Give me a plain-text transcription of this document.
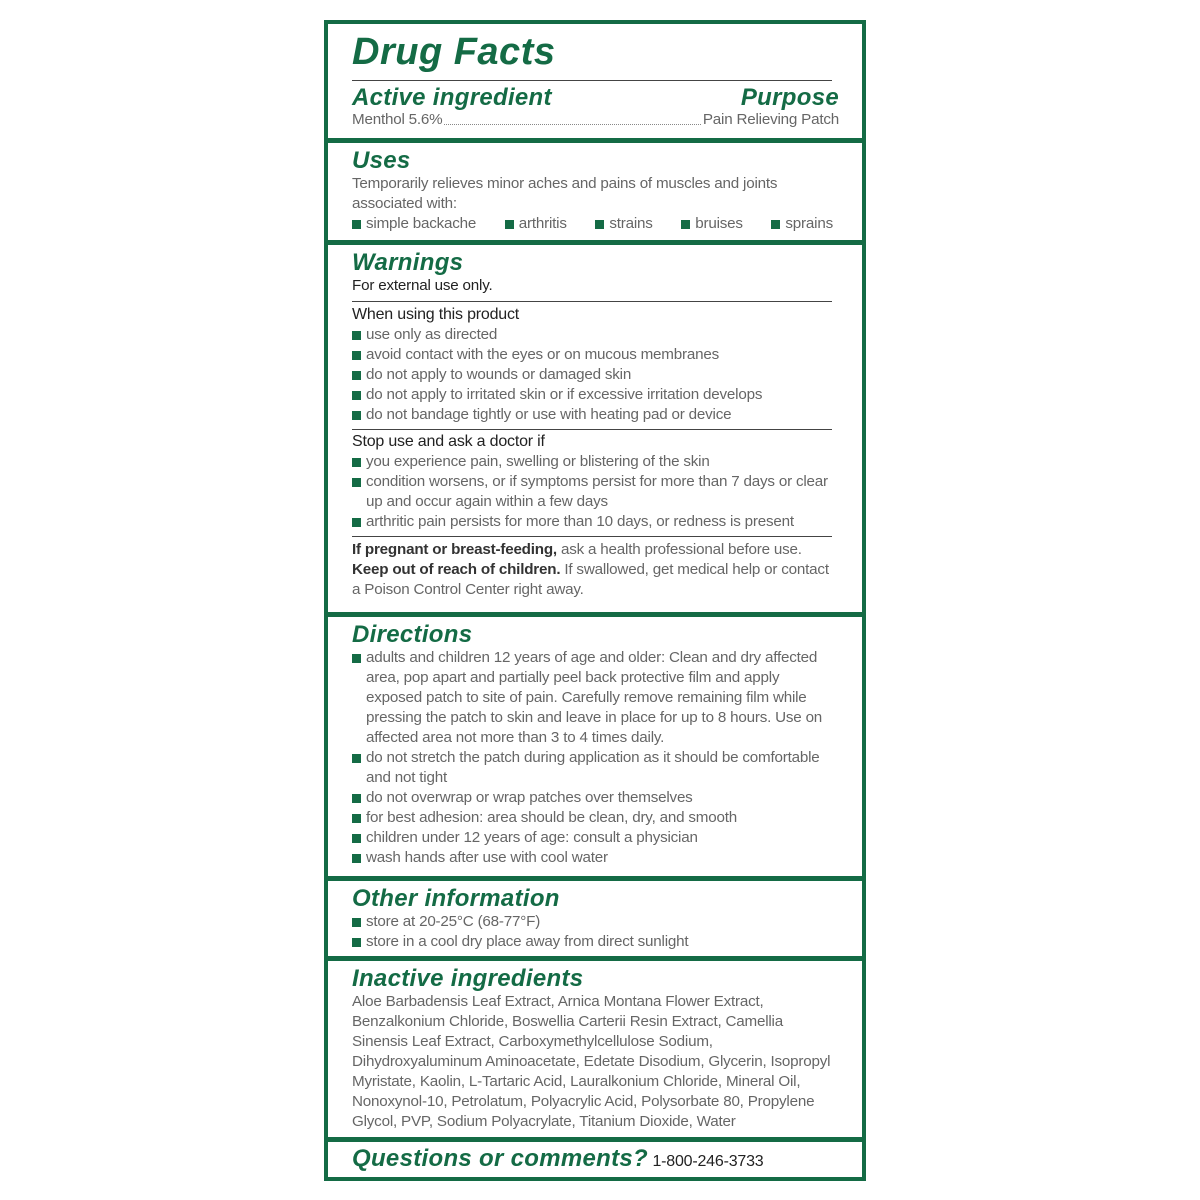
Drug Facts
Active ingredient	Purpose
Menthol 5.6%	Pain Relieving Patch
Uses
Temporarily relieves minor aches and pains of muscles and joints associated with:
simple backache	arthritis	strains	bruises	sprains
Warnings
For external use only.
When using this product
use only as directed
avoid contact with the eyes or on mucous membranes
do not apply to wounds or damaged skin
do not apply to irritated skin or if excessive irritation develops
do not bandage tightly or use with heating pad or device
Stop use and ask a doctor if
you experience pain, swelling or blistering of the skin
condition worsens, or if symptoms persist for more than 7 days or clear up and occur again within a few days
arthritic pain persists for more than 10 days, or redness is present
If pregnant or breast-feeding, ask a health professional before use.
Keep out of reach of children. If swallowed, get medical help or contact a Poison Control Center right away.
Directions
adults and children 12 years of age and older: Clean and dry affected area, pop apart and partially peel back protective film and apply exposed patch to site of pain. Carefully remove remaining film while pressing the patch to skin and leave in place for up to 8 hours. Use on affected area not more than 3 to 4 times daily.
do not stretch the patch during application as it should be comfortable and not tight
do not overwrap or wrap patches over themselves
for best adhesion: area should be clean, dry, and smooth
children under 12 years of age: consult a physician
wash hands after use with cool water
Other information
store at 20-25°C (68-77°F)
store in a cool dry place away from direct sunlight
Inactive ingredients
Aloe Barbadensis Leaf Extract, Arnica Montana Flower Extract, Benzalkonium Chloride, Boswellia Carterii Resin Extract, Camellia Sinensis Leaf Extract, Carboxymethylcellulose Sodium, Dihydroxyaluminum Aminoacetate, Edetate Disodium, Glycerin, Isopropyl Myristate, Kaolin, L-Tartaric Acid, Lauralkonium Chloride, Mineral Oil, Nonoxynol-10, Petrolatum, Polyacrylic Acid, Polysorbate 80, Propylene Glycol, PVP, Sodium Polyacrylate, Titanium Dioxide, Water
Questions or comments? 1-800-246-3733
